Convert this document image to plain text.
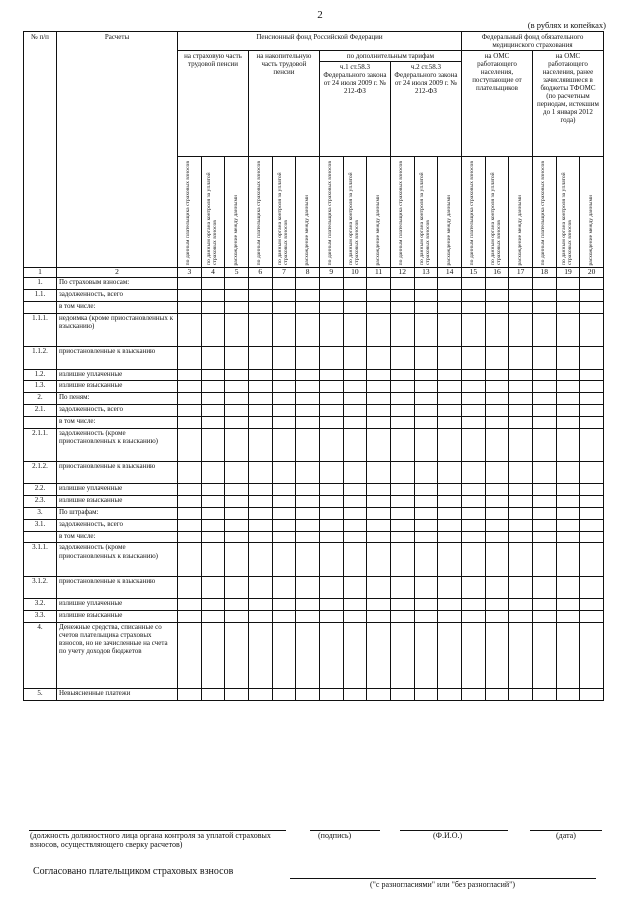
2
(в рублях и копейках)
№ п/п	Расчеты	Пенсионный фонд Российской Федерации												Федеральный фонд обязательного медицинского страхования					
		на страховую часть трудовой пенсии			на накопительную часть трудовой пенсии			по дополнительным тарифам						на ОМС работающего населения, поступающие от плательщиков			на ОМС работающего населения, ранее зачислявшиеся в бюджеты ТФОМС (по расчетным периодам, истекшим до 1 января 2012 года)		
								ч.1 ст.58.3 Федерального закона от 24 июля 2009 г. № 212-ФЗ			ч.2 ст.58.3 Федерального закона от 24 июля 2009 г. № 212-ФЗ								

		по данным плательщика страховых взносов	по данным органа контроля за уплатой страховых взносов	расхождение между данными	по данным плательщика страховых взносов	по данным органа контроля за уплатой страховых взносов	расхождение между данными	по данным плательщика страховых взносов	по данным органа контроля за уплатой страховых взносов	расхождение между данными	по данным плательщика страховых взносов	по данным органа контроля за уплатой страховых взносов	расхождение между данными	по данным плательщика страховых взносов	по данным органа контроля за уплатой страховых взносов	расхождение между данными	по данным плательщика страховых взносов	по данным органа контроля за уплатой страховых взносов	расхождение между данными

1	2	3	4	5	6	7	8	9	10	11	12	13	14	15	16	17	18	19	20
1.	По страховым взносам:																		
1.1.	задолженность, всего																		
	в том числе:																		
1.1.1.	недоимка (кроме приостановленных к взысканию)																		
1.1.2.	приостановленные к взысканию																		
1.2.	излишне уплаченные																		
1.3.	излишне взысканные																		
2.	По пеням:																		
2.1.	задолженность, всего																		
	в том числе:																		
2.1.1.	задолженность (кроме приостановленных к взысканию)																		
2.1.2.	приостановленные к взысканию																		
2.2.	излишне уплаченные																		
2.3.	излишне взысканные																		
3.	По штрафам:																		
3.1.	задолженность, всего																		
	в том числе:																		
3.1.1.	задолженность (кроме приостановленных к взысканию)																		
3.1.2.	приостановленные к взысканию																		
3.2.	излишне уплаченные																		
3.3.	излишне взысканные																		
4.	Денежные средства, списанные со счетов плательщика страховых взносов, но не зачисленные на счета по учету доходов бюджетов																		
5.	Невыясненные платежи																		
(должность должностного лица органа контроля за уплатой страховых взносов, осуществляющего сверку расчетов)
(подпись)	(Ф.И.О.)	(дата)
Согласовано плательщиком страховых взносов
("с разногласиями" или "без разногласий")
